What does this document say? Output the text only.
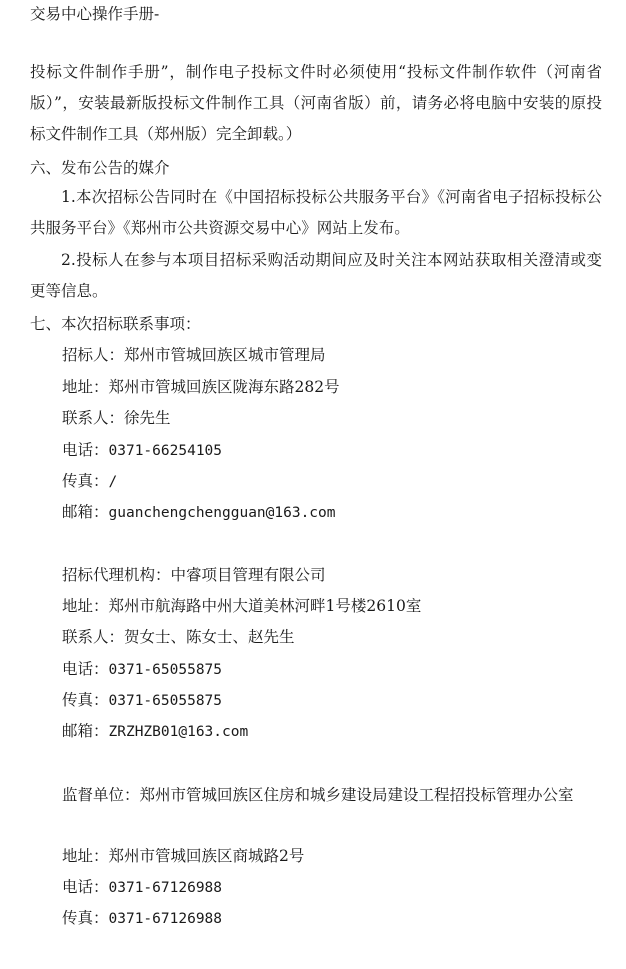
交易中心操作手册-
投标文件制作手册”，制作电子投标文件时必须使用“投标文件制作软件（河南省版）”，安装最新版投标文件制作工具（河南省版）前，请务必将电脑中安装的原投标文件制作工具（郑州版）完全卸载。）
六、发布公告的媒介
1.本次招标公告同时在《中国招标投标公共服务平台》《河南省电子招标投标公共服务平台》《郑州市公共资源交易中心》网站上发布。
2.投标人在参与本项目招标采购活动期间应及时关注本网站获取相关澄清或变更等信息。
七、本次招标联系事项：
招标人：郑州市管城回族区城市管理局
地址：郑州市管城回族区陇海东路282号
联系人：徐先生
电话：0371-66254105
传真：/
邮箱：guanchengchengguan@163.com
招标代理机构：中睿项目管理有限公司
地址：郑州市航海路中州大道美林河畔1号楼2610室
联系人：贺女士、陈女士、赵先生
电话：0371-65055875
传真：0371-65055875
邮箱：ZRZHZB01@163.com
监督单位：郑州市管城回族区住房和城乡建设局建设工程招投标管理办公室
地址：郑州市管城回族区商城路2号
电话：0371-67126988
传真：0371-67126988
